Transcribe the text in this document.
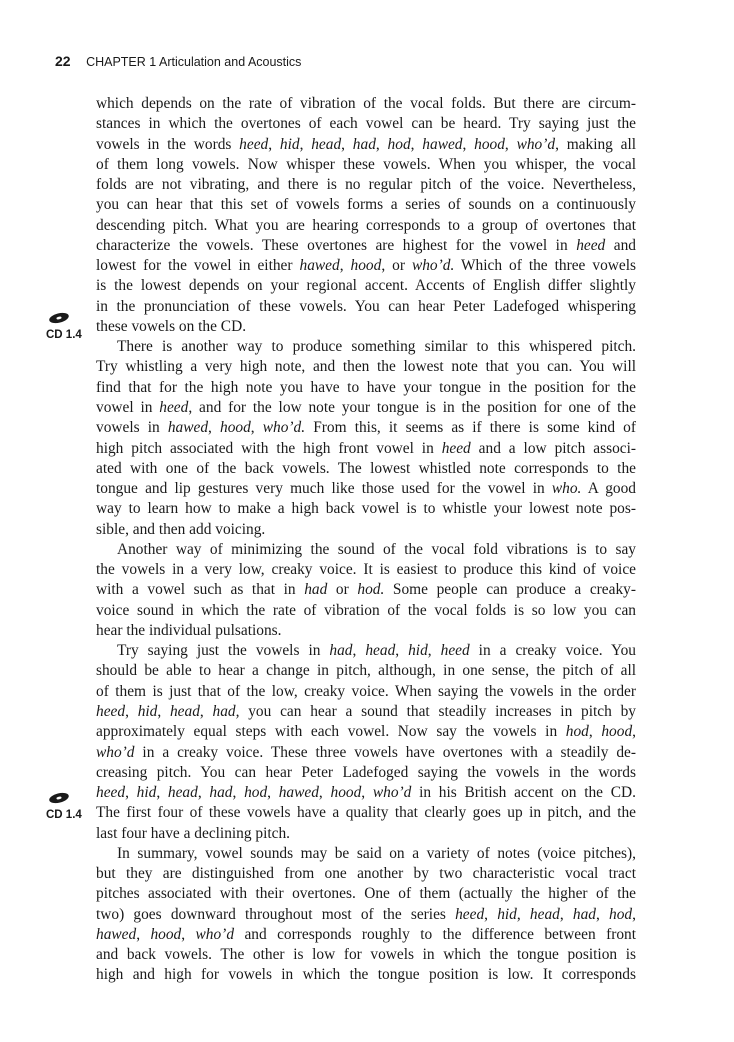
22 CHAPTER 1 Articulation and Acoustics
CD 1.4
CD 1.4
which depends on the rate of vibration of the vocal folds. But there are circum-
stances in which the overtones of each vowel can be heard. Try saying just the
vowels in the words heed, hid, head, had, hod, hawed, hood, who’d, making all
of them long vowels. Now whisper these vowels. When you whisper, the vocal
folds are not vibrating, and there is no regular pitch of the voice. Nevertheless,
you can hear that this set of vowels forms a series of sounds on a continuously
descending pitch. What you are hearing corresponds to a group of overtones that
characterize the vowels. These overtones are highest for the vowel in heed and
lowest for the vowel in either hawed, hood, or who’d. Which of the three vowels
is the lowest depends on your regional accent. Accents of English differ slightly
in the pronunciation of these vowels. You can hear Peter Ladefoged whispering
these vowels on the CD.
There is another way to produce something similar to this whispered pitch.
Try whistling a very high note, and then the lowest note that you can. You will
find that for the high note you have to have your tongue in the position for the
vowel in heed, and for the low note your tongue is in the position for one of the
vowels in hawed, hood, who’d. From this, it seems as if there is some kind of
high pitch associated with the high front vowel in heed and a low pitch associ-
ated with one of the back vowels. The lowest whistled note corresponds to the
tongue and lip gestures very much like those used for the vowel in who. A good
way to learn how to make a high back vowel is to whistle your lowest note pos-
sible, and then add voicing.
Another way of minimizing the sound of the vocal fold vibrations is to say
the vowels in a very low, creaky voice. It is easiest to produce this kind of voice
with a vowel such as that in had or hod. Some people can produce a creaky-
voice sound in which the rate of vibration of the vocal folds is so low you can
hear the individual pulsations.
Try saying just the vowels in had, head, hid, heed in a creaky voice. You
should be able to hear a change in pitch, although, in one sense, the pitch of all
of them is just that of the low, creaky voice. When saying the vowels in the order
heed, hid, head, had, you can hear a sound that steadily increases in pitch by
approximately equal steps with each vowel. Now say the vowels in hod, hood,
who’d in a creaky voice. These three vowels have overtones with a steadily de-
creasing pitch. You can hear Peter Ladefoged saying the vowels in the words
heed, hid, head, had, hod, hawed, hood, who’d in his British accent on the CD.
The first four of these vowels have a quality that clearly goes up in pitch, and the
last four have a declining pitch.
In summary, vowel sounds may be said on a variety of notes (voice pitches),
but they are distinguished from one another by two characteristic vocal tract
pitches associated with their overtones. One of them (actually the higher of the
two) goes downward throughout most of the series heed, hid, head, had, hod,
hawed, hood, who’d and corresponds roughly to the difference between front
and back vowels. The other is low for vowels in which the tongue position is
high and high for vowels in which the tongue position is low. It corresponds
